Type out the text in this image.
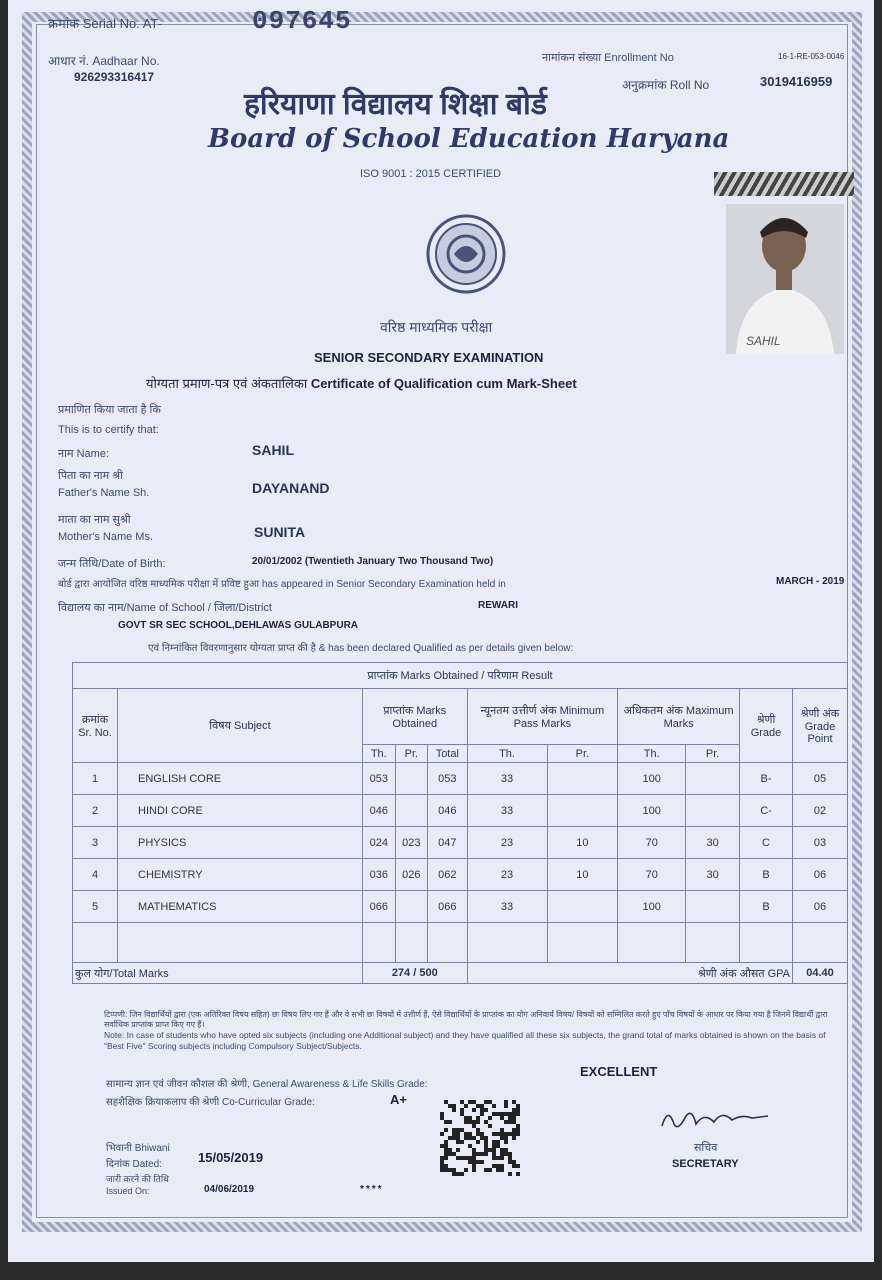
क्रमांक Serial No. AT-	097645
आधार नं. Aadhaar No.
926293316417
नामांकन संख्या Enrollment No	16-1-RE-053-0046
अनुक्रमांक Roll No	3019416959
हरियाणा विद्यालय शिक्षा बोर्ड
Board of School Education Haryana
ISO 9001 : 2015 CERTIFIED
SAHIL
वरिष्ठ माध्यमिक परीक्षा
SENIOR SECONDARY EXAMINATION
योग्यता प्रमाण-पत्र एवं अंकतालिका Certificate of Qualification cum Mark-Sheet
प्रमाणित किया जाता है कि
This is to certify that:
नाम Name:	SAHIL
पिता का नाम श्री
Father's Name Sh.	DAYANAND
माता का नाम सुश्री
Mother's Name Ms.	SUNITA
जन्म तिथि/Date of Birth:	20/01/2002 (Twentieth January Two Thousand Two)
बोर्ड द्वारा आयोजित वरिष्ठ माध्यमिक परीक्षा में प्रविष्ट हुआ has appeared in Senior Secondary Examination held in	MARCH - 2019
विद्यालय का नाम/Name of School / जिला/District	REWARI
GOVT SR SEC SCHOOL,DEHLAWAS GULABPURA
एवं निम्नांकित विवरणानुसार योग्यता प्राप्त की है & has been declared Qualified as per details given below:
प्राप्तांक Marks Obtained / परिणाम Result										
क्रमांक Sr. No.	विषय Subject	प्राप्तांक Marks Obtained			न्यूनतम उत्तीर्ण अंक Minimum Pass Marks		अधिकतम अंक Maximum Marks		श्रेणी Grade	श्रेणी अंक Grade Point
		Th.	Pr.	Total	Th.	Pr.	Th.	Pr.		
1	ENGLISH CORE	053		053	33		100		B-	05
2	HINDI CORE	046		046	33		100		C-	02
3	PHYSICS	024	023	047	23	10	70	30	C	03
4	CHEMISTRY	036	026	062	23	10	70	30	B	06
5	MATHEMATICS	066		066	33		100		B	06

कुल योग/Total Marks		274 / 500			श्रेणी अंक औसत GPA					04.40
टिप्पणी: जिन विद्यार्थियों द्वारा (एक अतिरिक्त विषय सहित) छः विषय लिए गए हैं और वे सभी छः विषयों में उत्तीर्ण हैं, ऐसे विद्यार्थियों के प्राप्तांक का योग अनिवार्य विषय/ विषयों को सम्मिलित करते हुए पाँच विषयों के आधार पर किया गया है जिनमें विद्यार्थी द्वारा सर्वाधिक प्राप्तांक प्राप्त किए गए हैं।
Note: In case of students who have opted six subjects (including one Additional subject) and they have qualified all these six subjects, the grand total of marks obtained is shown on the basis of "Best Five" Scoring subjects including Compulsory Subject/Subjects.
सामान्य ज्ञान एवं जीवन कौशल की श्रेणी, General Awareness & Life Skills Grade:
EXCELLENT
सहशैक्षिक क्रियाकलाप की श्रेणी Co-Curricular Grade:	A+
भिवानी Bhiwani
दिनांक Dated:	15/05/2019
जारी करने की तिथि
Issued On:	04/06/2019	****
सचिव
SECRETARY
